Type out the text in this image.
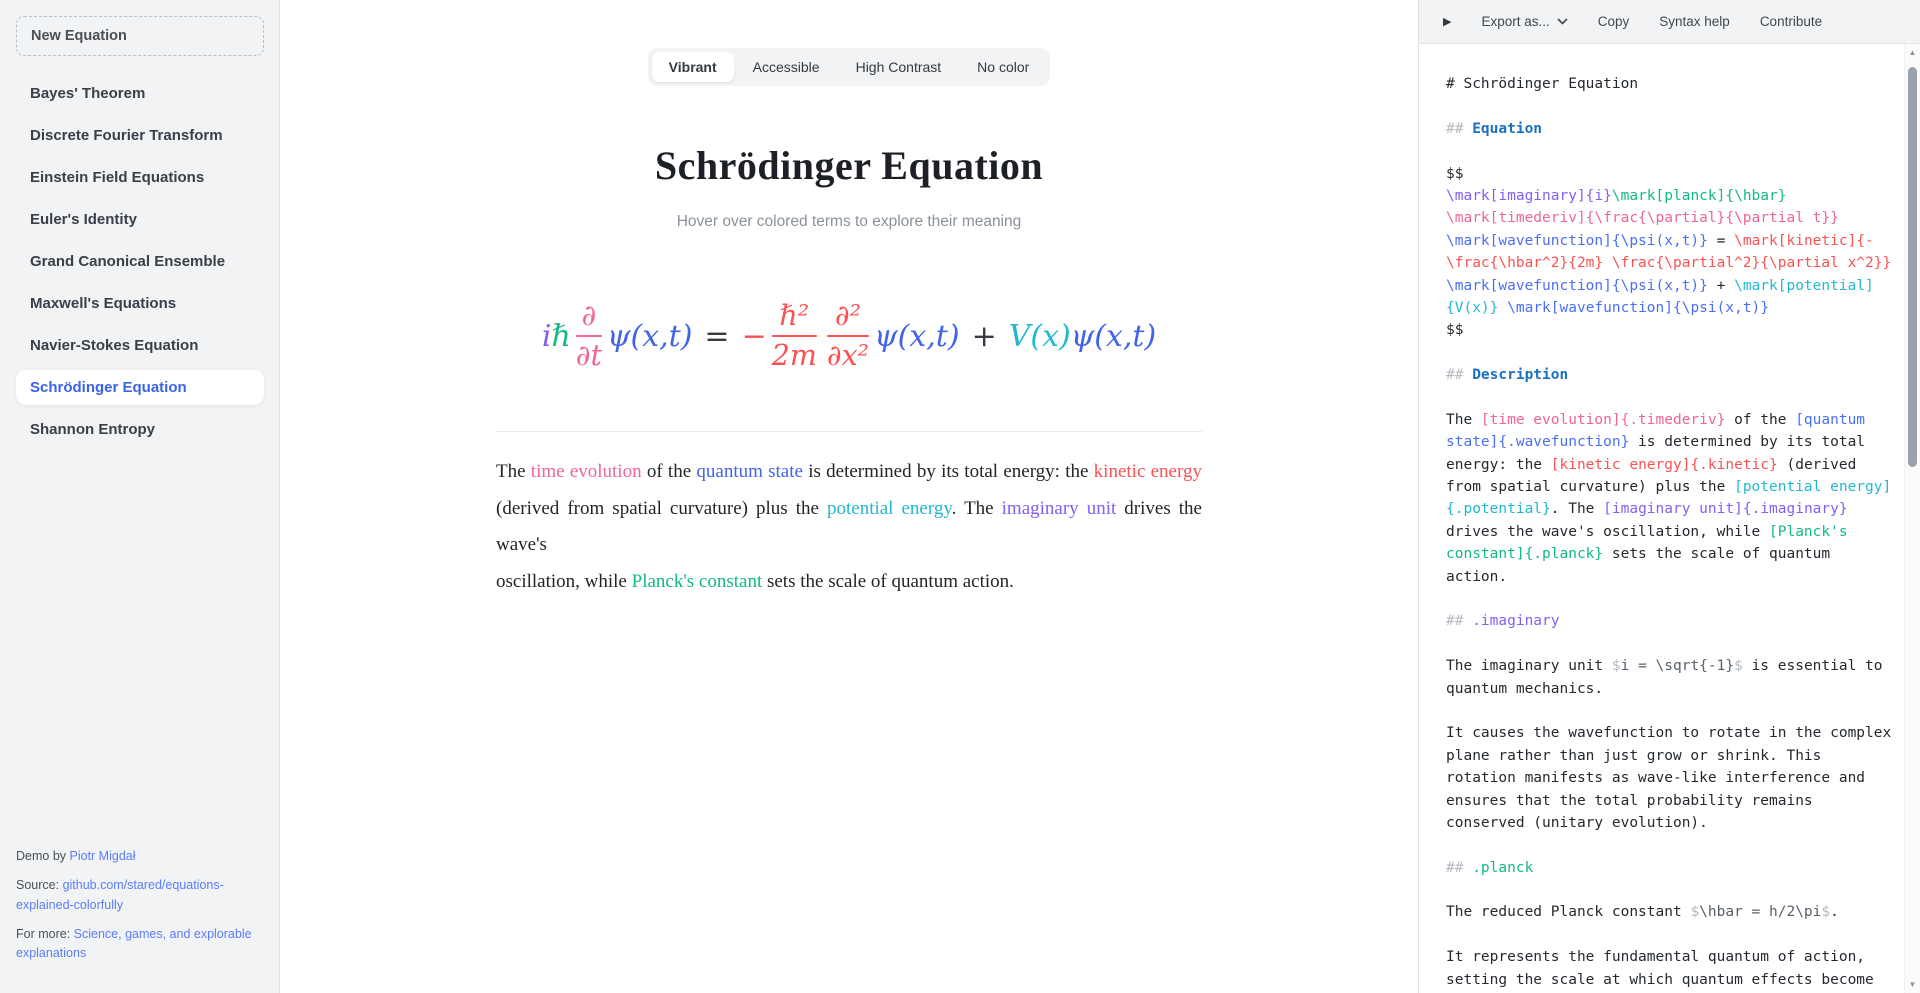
New Equation
Bayes' Theorem
Discrete Fourier Transform
Einstein Field Equations
Euler's Identity
Grand Canonical Ensemble
Maxwell's Equations
Navier-Stokes Equation
Schrödinger Equation
Shannon Entropy

Demo by Piotr Migdał

Source: github.com/stared/equations-explained-colorfully

For more: Science, games, and explorable explanations

Vibrant	Accessible	High Contrast	No color
Schrödinger Equation
Hover over colored terms to explore their meaning
i ℏ $\frac{\partial}{\partial t} \psi(x,t)$ = − $\frac{\text{ℏ²}}{2m} \frac{\text{∂²}}{\text{∂x²}} \psi(x,t) + V(x)$ ψ(x,t)
The time evolution of the quantum state is determined by its total energy: the kinetic energy
(derived from spatial curvature) plus the potential energy. The imaginary unit drives the wave's
oscillation, while Planck's constant sets the scale of quantum action.
▶ Export as...	Copy Syntax help Contribute
# Schrödinger Equation

## Equation

$$
\mark[imaginary]{i}\mark[planck]{\hbar}
\mark[timederiv]{\frac{\partial}{\partial t}}
\mark[wavefunction]{\psi(x,t)} = \mark[kinetic]{-
\frac{\hbar^2}{2m} \frac{\partial^2}{\partial x^2}}
\mark[wavefunction]{\psi(x,t)} + \mark[potential]
{V(x)} \mark[wavefunction]{\psi(x,t)}
$$

## Description

The [time evolution]{.timederiv} of the [quantum
state]{.wavefunction} is determined by its total
energy: the [kinetic energy]{.kinetic} (derived
from spatial curvature) plus the [potential energy]
{.potential}. The [imaginary unit]{.imaginary}
drives the wave's oscillation, while [Planck's
constant]{.planck} sets the scale of quantum
action.

## .imaginary

The imaginary unit $i = \sqrt{-1}$ is essential to
quantum mechanics.

It causes the wavefunction to rotate in the complex
plane rather than just grow or shrink. This
rotation manifests as wave-like interference and
ensures that the total probability remains
conserved (unitary evolution).

## .planck

The reduced Planck constant $\hbar = h/2\pi$.

It represents the fundamental quantum of action,
setting the scale at which quantum effects become
▲
▼
